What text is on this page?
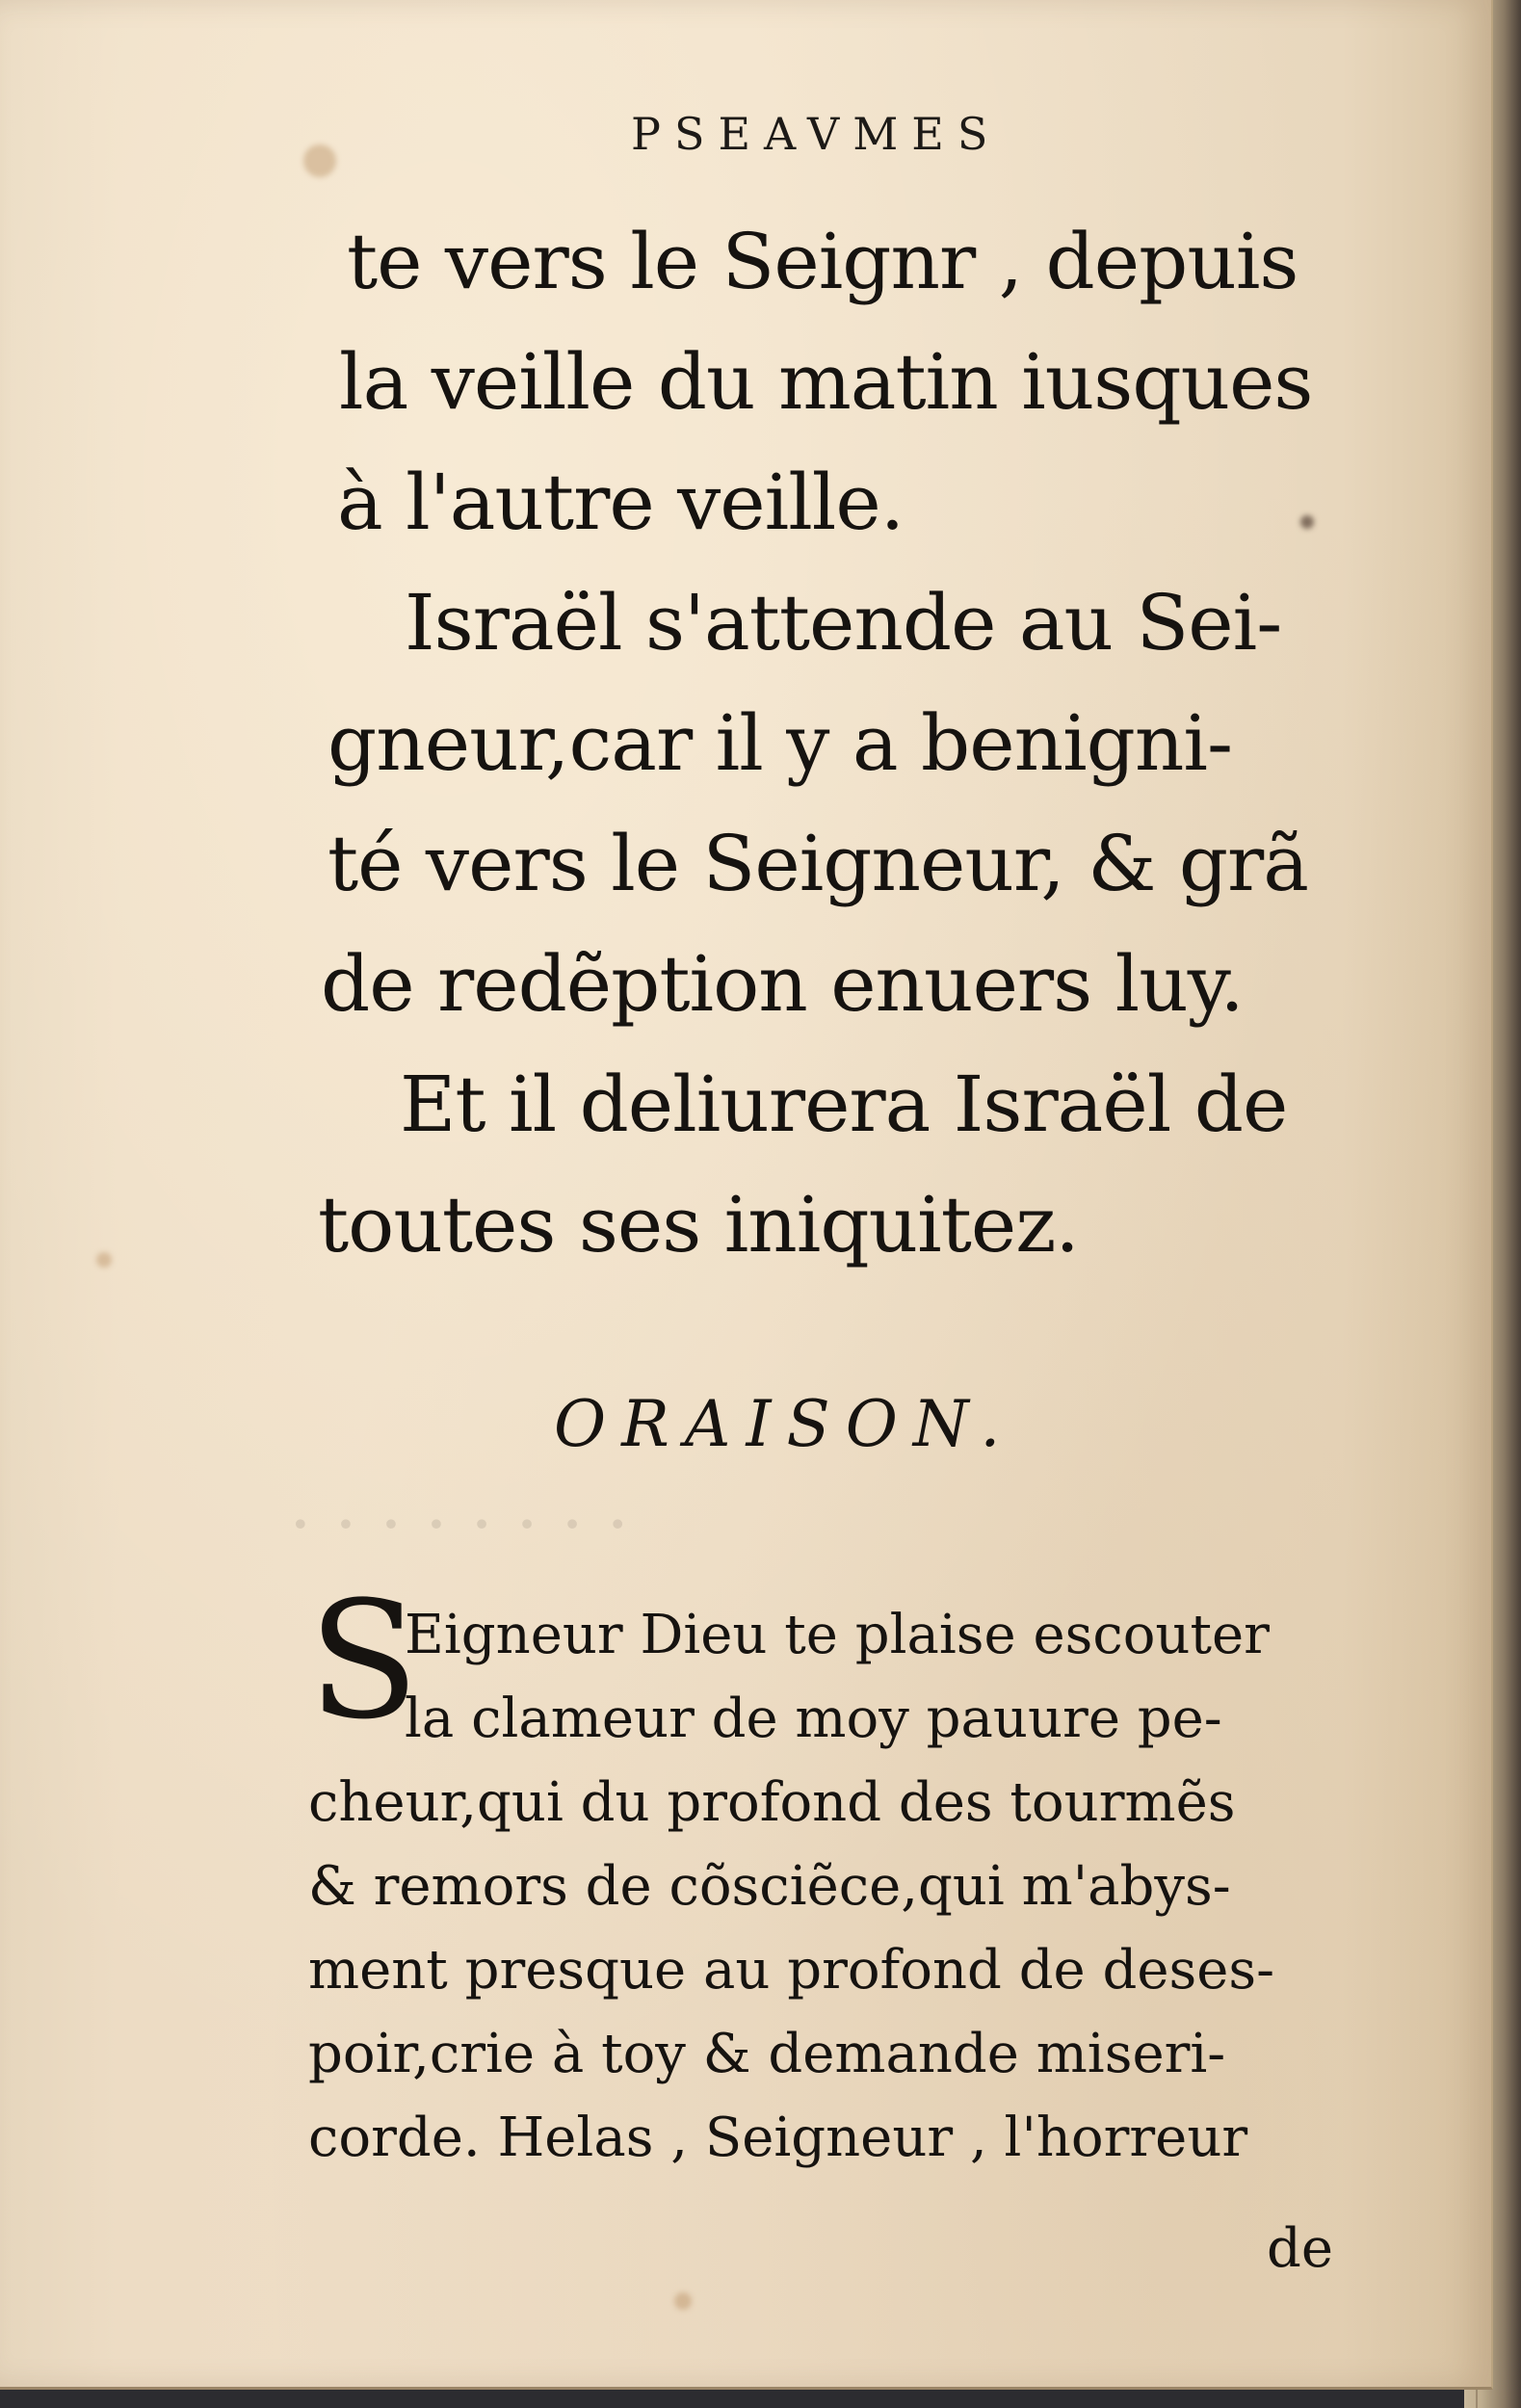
· · · · · · · ·
PSEAVMES
te vers le Seignr , depuis
la veille du matin iusques
à l'autre veille.
Israël s'attende au Sei-
gneur,car il y a benigni-
té vers le Seigneur, & grã
de redẽption enuers luy.
Et il deliurera Israël de
toutes ses iniquitez.
ORAISON.
S
Eigneur Dieu te plaise escouter
la clameur de moy pauure pe-
cheur,qui du profond des tourmẽs
& remors de cõsciẽce,qui m'abys-
ment presque au profond de deses-
poir,crie à toy & demande miseri-
corde. Helas , Seigneur , l'horreur
de
